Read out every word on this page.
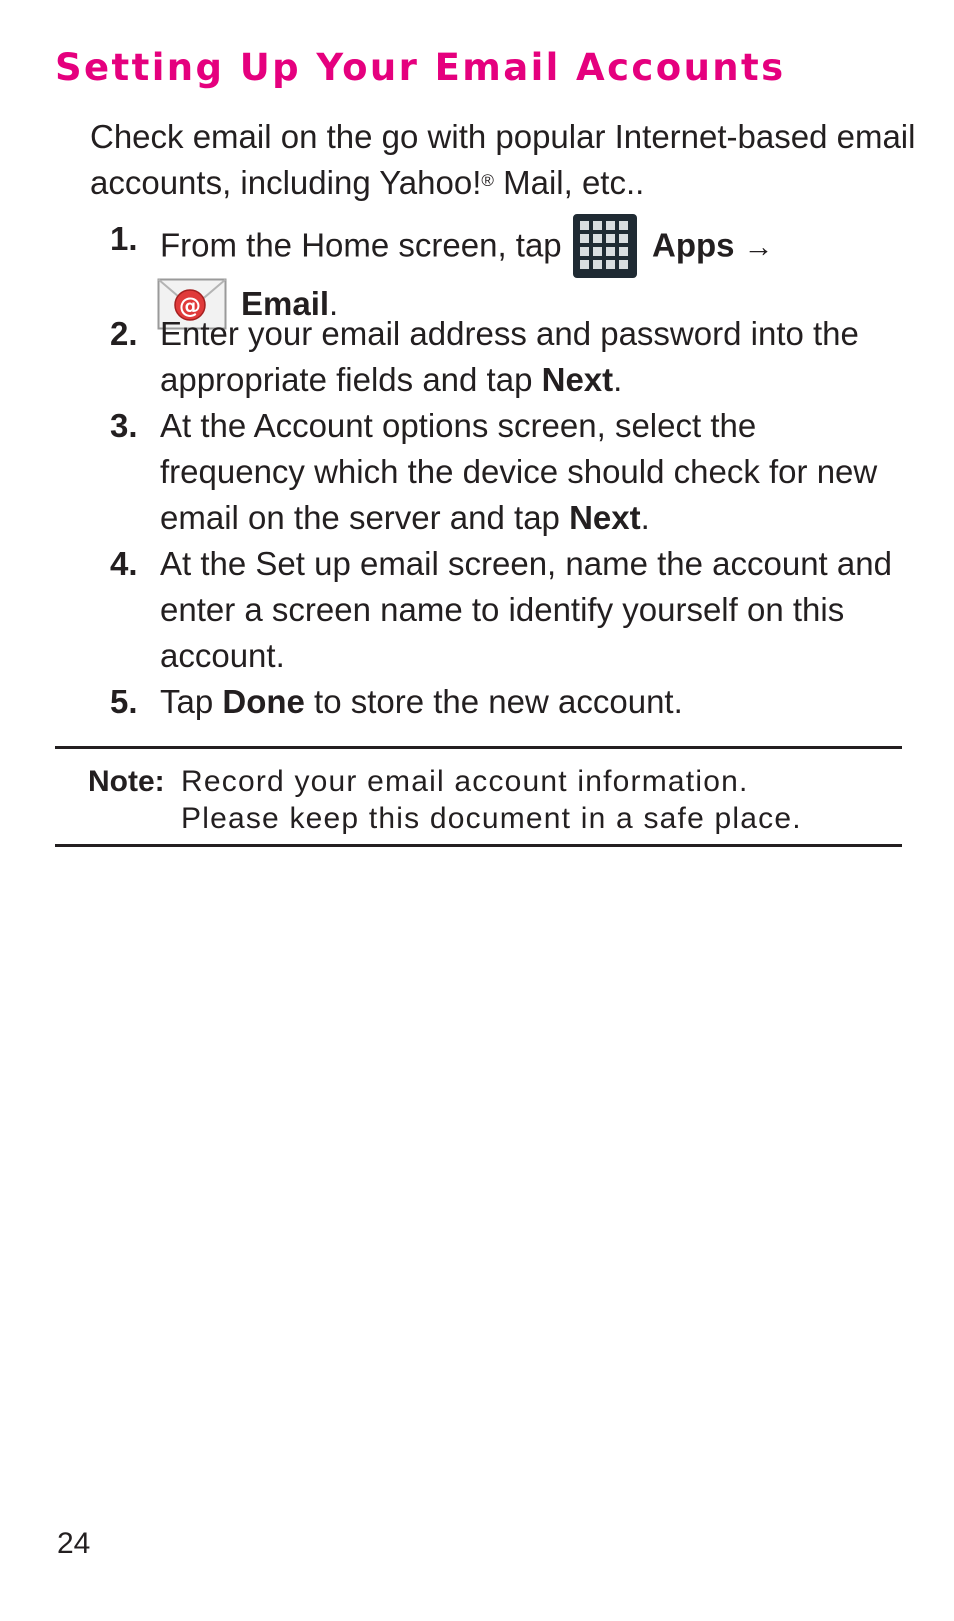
Setting Up Your Email Accounts

Check email on the go with popular Internet-based email accounts, including Yahoo!® Mail, etc..

1. From the Home screen, tap	Apps →

@ Email.
2. Enter your email address and password into the appropriate fields and tap Next.
3. At the Account options screen, select the frequency which the device should check for new email on the server and tap Next.
4. At the Set up email screen, name the account and enter a screen name to identify yourself on this account.
5. Tap Done to store the new account.
Note: Record your email account information.
Please keep this document in a safe place.
24
